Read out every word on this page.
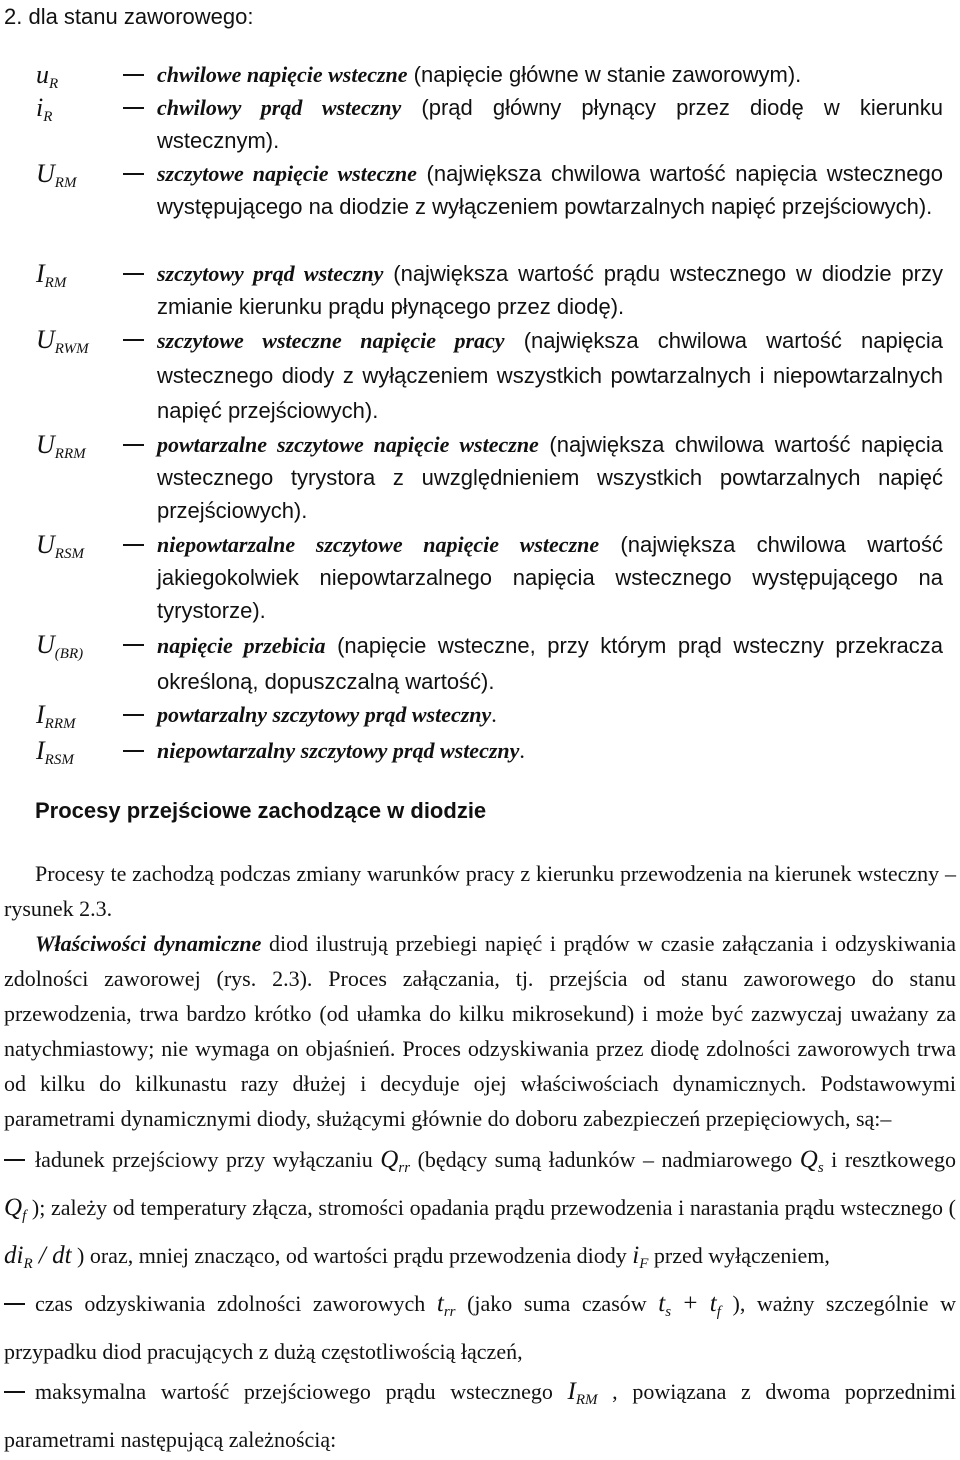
2. dla stanu zaworowego:
$u_R$	chwilowe napięcie wsteczne (napięcie główne w stanie zaworowym).
$i_R$	chwilowy prąd wsteczny (prąd główny płynący przez diodę w kierunku wstecznym).
$U_{RM}$	szczytowe napięcie wsteczne (największa chwilowa wartość napięcia wstecznego występującego na diodzie z wyłączeniem powtarzalnych napięć przejściowych).
$I_{RM}$	szczytowy prąd wsteczny (największa wartość prądu wstecznego w diodzie przy zmianie kierunku prądu płynącego przez diodę).
$U_{RWM}$	szczytowe wsteczne napięcie pracy (największa chwilowa wartość napięcia wstecznego diody z wyłączeniem wszystkich powtarzalnych i niepowtarzalnych napięć przejściowych).
$U_{RRM}$	powtarzalne szczytowe napięcie wsteczne (największa chwilowa wartość napięcia wstecznego tyrystora z uwzględnieniem wszystkich powtarzalnych napięć przejściowych).
$U_{RSM}$	niepowtarzalne szczytowe napięcie wsteczne (największa chwilowa wartość jakiegokolwiek niepowtarzalnego napięcia wstecznego występującego na tyrystorze).
$U_{(BR)}$	napięcie przebicia (napięcie wsteczne, przy którym prąd wsteczny przekracza określoną, dopuszczalną wartość).
$I_{RRM}$	powtarzalny szczytowy prąd wsteczny.
$I_{RSM}$	niepowtarzalny szczytowy prąd wsteczny.
Procesy przejściowe zachodzące w diodzie

Procesy te zachodzą podczas zmiany warunków pracy z kierunku przewodzenia na kierunek wsteczny – rysunek 2.3.

Właściwości dynamiczne diod ilustrują przebiegi napięć i prądów w czasie załączania i odzyskiwania zdolności zaworowej (rys. 2.3). Proces załączania, tj. przejścia od stanu zaworowego do stanu przewodzenia, trwa bardzo krótko (od ułamka do kilku mikrosekund) i może być zazwyczaj uważany za natychmiastowy; nie wymaga on objaśnień. Proces odzyskiwania przez diodę zdolności zaworowych trwa od kilku do kilkunastu razy dłużej i decyduje ojej właściwościach dynamicznych. Podstawowymi parametrami dynamicznymi diody, służącymi głównie do doboru zabezpieczeń przepięciowych, są:–

ładunek przejściowy przy wyłączaniu $Q_{rr}$ (będący sumą ładunków – nadmiarowego $Q_s$ i resztkowego $Q_f$ ); zależy od temperatury złącza, stromości opadania prądu przewodzenia i narastania prądu wstecznego ( $di_R$ / dt ) oraz, mniej znacząco, od wartości prądu przewodzenia diody $i_F$ przed wyłączeniem,

czas odzyskiwania zdolności zaworowych $t_{rr}$ (jako suma czasów $t_s + t_f$ ), ważny szczególnie w przypadku diod pracujących z dużą częstotliwością łączeń,

maksymalna wartość przejściowego prądu wstecznego $I_{RM}$ , powiązana z dwoma poprzednimi parametrami następującą zależnością:
